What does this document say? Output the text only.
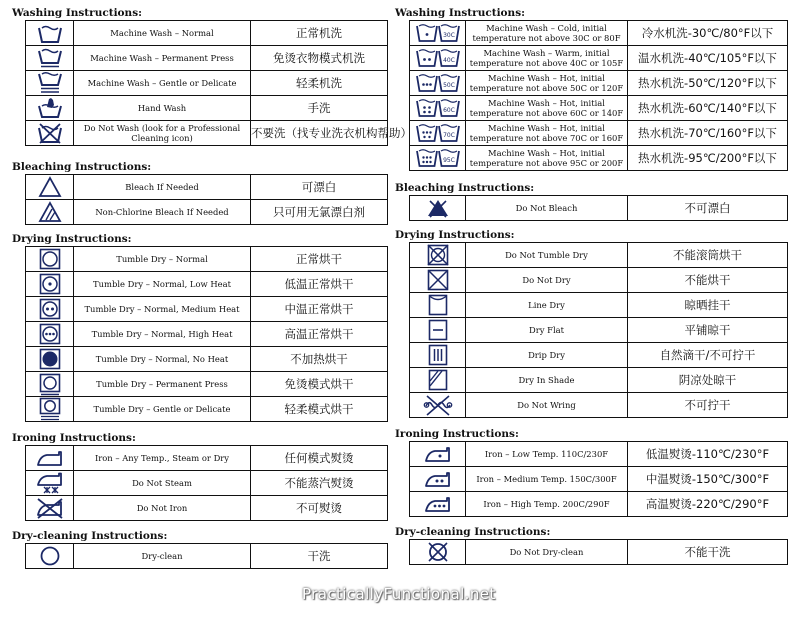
Washing Instructions:
	Machine Wash – Normal	正常机洗

	Machine Wash – Permanent Press	免烫衣物模式机洗

	Machine Wash – Gentle or Delicate	轻柔机洗

	Hand Wash	手洗

	Do Not Wash (look for a Professional Cleaning icon)	不要洗（找专业洗衣机构帮助）
Bleaching Instructions:
	Bleach If Needed	可漂白

	Non-Chlorine Bleach If Needed	只可用无氯漂白剂
Drying Instructions:
	Tumble Dry – Normal	正常烘干

	Tumble Dry – Normal, Low Heat	低温正常烘干

	Tumble Dry – Normal, Medium Heat	中温正常烘干

	Tumble Dry – Normal, High Heat	高温正常烘干

	Tumble Dry – Normal, No Heat	不加热烘干

	Tumble Dry – Permanent Press	免烫模式烘干

	Tumble Dry – Gentle or Delicate	轻柔模式烘干
Ironing Instructions:
	Iron – Any Temp., Steam or Dry	任何模式熨烫

	Do Not Steam	不能蒸汽熨烫

	Do Not Iron	不可熨烫
Dry-cleaning Instructions:
	Dry-clean	干洗
Washing Instructions:
30C	Machine Wash – Cold, initial temperature not above 30C or 80F	冷水机洗-30℃/80°F以下

40C	Machine Wash – Warm, initial temperature not above 40C or 105F	温水机洗-40℃/105°F以下

50C	Machine Wash – Hot, initial temperature not above 50C or 120F	热水机洗-50℃/120°F以下

60C	Machine Wash – Hot, initial temperature not above 60C or 140F	热水机洗-60℃/140°F以下

70C	Machine Wash – Hot, initial temperature not above 70C or 160F	热水机洗-70℃/160°F以下

95C	Machine Wash – Hot, initial temperature not above 95C or 200F	热水机洗-95℃/200°F以下
Bleaching Instructions:
	Do Not Bleach	不可漂白
Drying Instructions:
	Do Not Tumble Dry	不能滚筒烘干

	Do Not Dry	不能烘干

	Line Dry	晾晒挂干

	Dry Flat	平铺晾干

	Drip Dry	自然滴干/不可拧干

	Dry In Shade	阴凉处晾干

	Do Not Wring	不可拧干
Ironing Instructions:
	Iron – Low Temp. 110C/230F	低温熨烫-110℃/230°F

	Iron – Medium Temp. 150C/300F	中温熨烫-150℃/300°F

	Iron – High Temp. 200C/290F	高温熨烫-220℃/290°F
Dry-cleaning Instructions:
	Do Not Dry-clean	不能干洗
PracticallyFunctional.net
